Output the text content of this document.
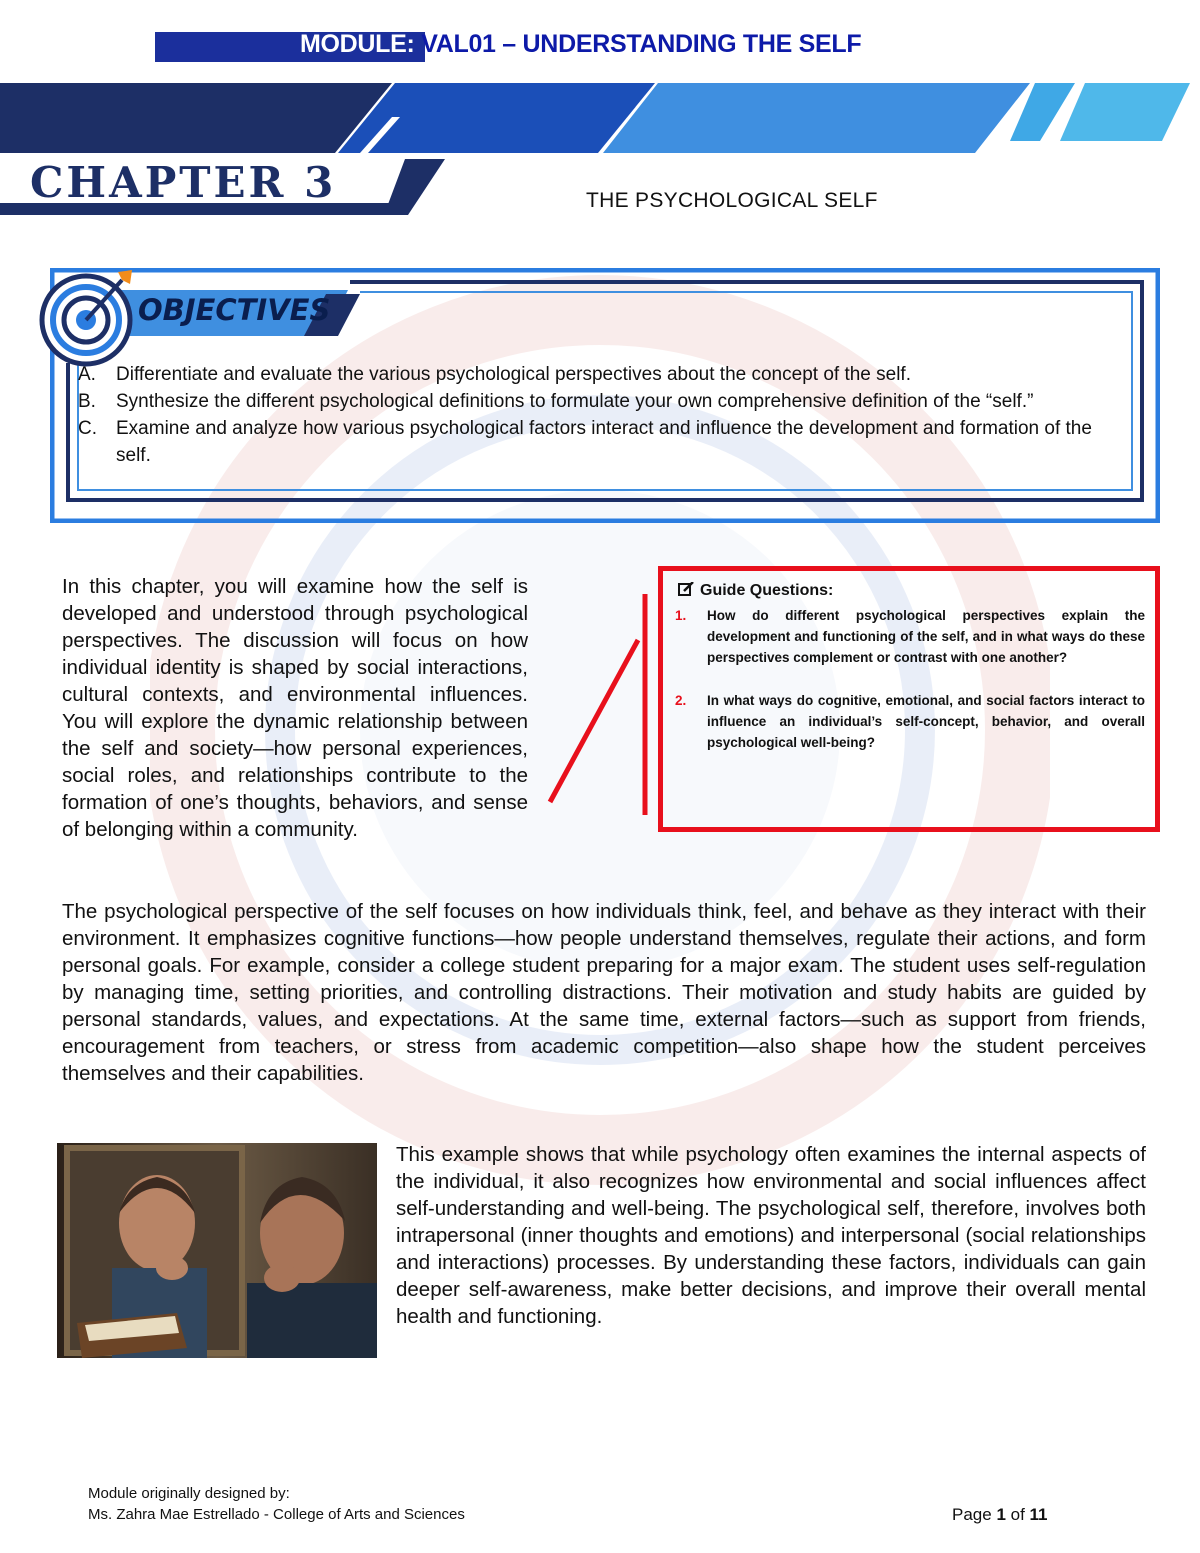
MODULE: VAL01 – UNDERSTANDING THE SELF
CHAPTER 3	THE PSYCHOLOGICAL SELF
OBJECTIVES
A.	Differentiate and evaluate the various psychological perspectives about the concept of the self.
B.	Synthesize the different psychological definitions to formulate your own comprehensive definition of the “self.”
C.	Examine and analyze how various psychological factors interact and influence the development and formation of the self.
In this chapter, you will examine how the self is developed and understood through psychological perspectives. The discussion will focus on how individual identity is shaped by social interactions, cultural contexts, and environmental influences. You will explore the dynamic relationship between the self and society—how personal experiences, social roles, and relationships contribute to the formation of one’s thoughts, behaviors, and sense of belonging within a community.
Guide Questions:
1.	How do different psychological perspectives explain the development and functioning of the self, and in what ways do these perspectives complement or contrast with one another?
2.	In what ways do cognitive, emotional, and social factors interact to influence an individual’s self-concept, behavior, and overall psychological well-being?
The psychological perspective of the self focuses on how individuals think, feel, and behave as they interact with their environment. It emphasizes cognitive functions—how people understand themselves, regulate their actions, and form personal goals. For example, consider a college student preparing for a major exam. The student uses self-regulation by managing time, setting priorities, and controlling distractions. Their motivation and study habits are guided by personal standards, values, and expectations. At the same time, external factors—such as support from friends, encouragement from teachers, or stress from academic competition—also shape how the student perceives themselves and their capabilities.
This example shows that while psychology often examines the internal aspects of the individual, it also recognizes how environmental and social influences affect self-understanding and well-being. The psychological self, therefore, involves both intrapersonal (inner thoughts and emotions) and interpersonal (social relationships and interactions) processes. By understanding these factors, individuals can gain deeper self-awareness, make better decisions, and improve their overall mental health and functioning.
Module originally designed by:
Ms. Zahra Mae Estrellado - College of Arts and Sciences	Page 1 of 11
